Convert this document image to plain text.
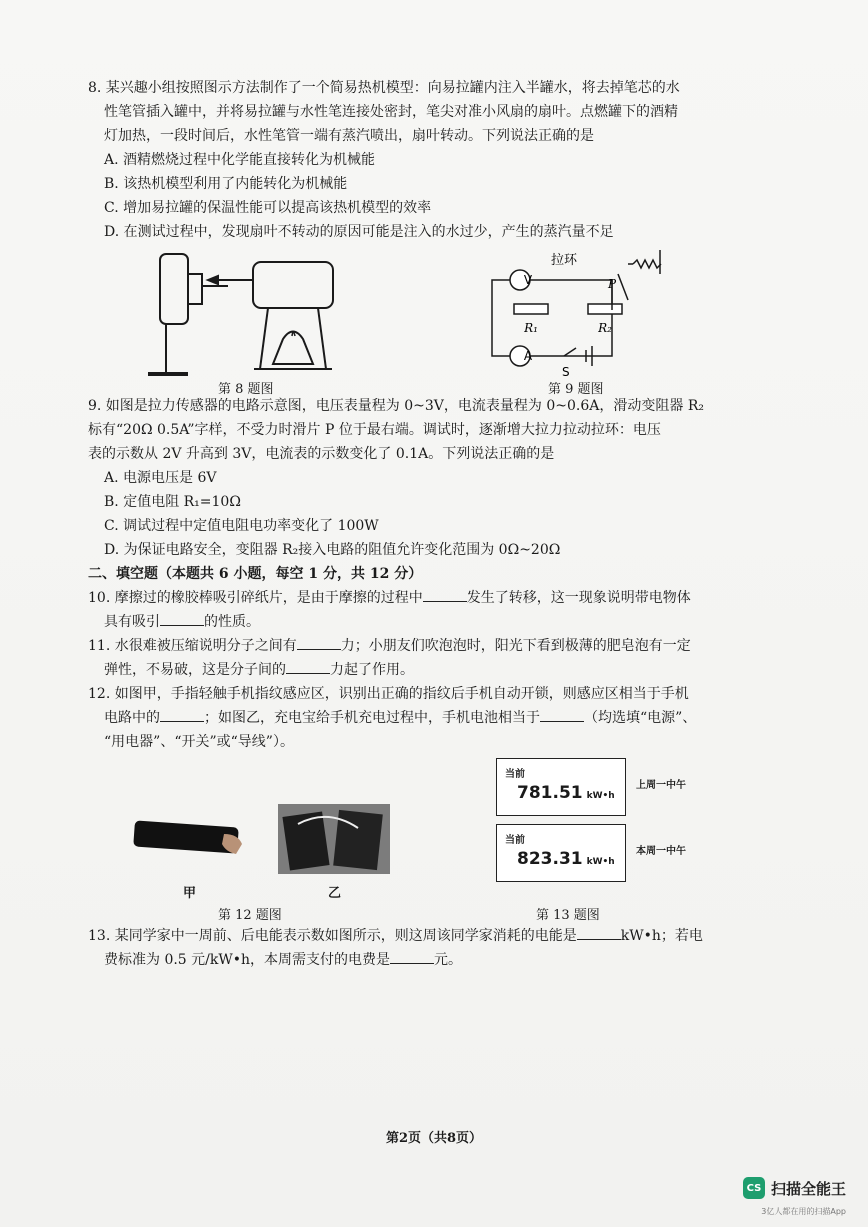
8. 某兴趣小组按照图示方法制作了一个简易热机模型：向易拉罐内注入半罐水，将去掉笔芯的水

性笔管插入罐中，并将易拉罐与水性笔连接处密封，笔尖对准小风扇的扇叶。点燃罐下的酒精

灯加热，一段时间后，水性笔管一端有蒸汽喷出，扇叶转动。下列说法正确的是

A. 酒精燃烧过程中化学能直接转化为机械能

B. 该热机模型利用了内能转化为机械能

C. 增加易拉罐的保温性能可以提高该热机模型的效率

D. 在测试过程中，发现扇叶不转动的原因可能是注入的水过少，产生的蒸汽量不足

V
A
R₁	R₂
拉环
P
S
第 8 题图	第 9 题图

9. 如图是拉力传感器的电路示意图，电压表量程为 0~3V，电流表量程为 0~0.6A，滑动变阻器 R₂

标有“20Ω 0.5A”字样，不受力时滑片 P 位于最右端。调试时，逐渐增大拉力拉动拉环：电压

表的示数从 2V 升高到 3V，电流表的示数变化了 0.1A。下列说法正确的是

A. 电源电压是 6V

B. 定值电阻 R₁=10Ω

C. 调试过程中定值电阻电功率变化了 100W

D. 为保证电路安全，变阻器 R₂接入电路的阻值允许变化范围为 0Ω~20Ω

二、填空题（本题共 6 小题，每空 1 分，共 12 分）

10. 摩擦过的橡胶棒吸引碎纸片，是由于摩擦的过程中	发生了转移，这一现象说明带电物体

具有吸引	的性质。

11. 水很难被压缩说明分子之间有	力；小朋友们吹泡泡时，阳光下看到极薄的肥皂泡有一定

弹性，不易破，这是分子间的	力起了作用。

12. 如图甲，手指轻触手机指纹感应区，识别出正确的指纹后手机自动开锁，则感应区相当于手机

电路中的	；如图乙，充电宝给手机充电过程中，手机电池相当于	（均选填“电源”、

“用电器”、“开关”或“导线”）。

甲	乙
第 12 题图
当前
781.51 kW•h
上周一中午
当前
823.31 kW•h
本周一中午
第 13 题图

13. 某同学家中一周前、后电能表示数如图所示，则这周该同学家消耗的电能是	kW•h；若电

费标准为 0.5 元/kW•h，本周需支付的电费是	元。

第2页（共8页）
CS 扫描全能王
3亿人都在用的扫描App
